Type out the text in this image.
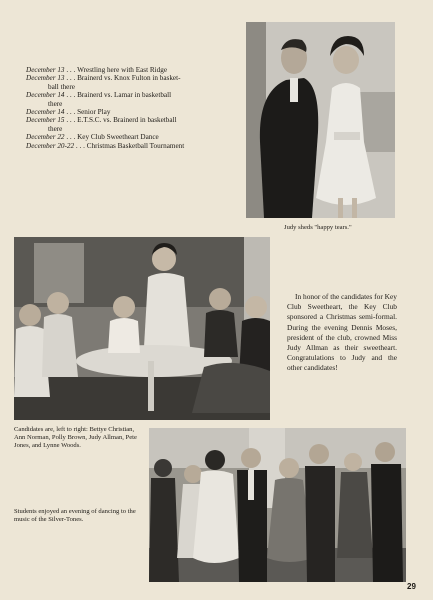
December 13 . . . Wrestling here with East Ridge
December 13 . . . Brainerd vs. Knox Fulton in basket-
ball there
December 14 . . . Brainerd vs. Lamar in basketball
there
December 14 . . . Senior Play
December 15 . . . E.T.S.C. vs. Brainerd in basketball
there
December 22 . . . Key Club Sweetheart Dance
December 20-22 . . . Christmas Basketball Tournament
Judy sheds "happy tears."
Candidates are, left to right: Bettye Christian, Ann Norman, Polly Brown, Judy Allman, Pete Jones, and Lynne Woods.
In honor of the candidates for Key Club Sweetheart, the Key Club sponsored a Christmas semi-formal. During the evening Dennis Moses, president of the club, crowned Miss Judy Allman as their sweetheart. Congratulations to Judy and the other candidates!
Students enjoyed an evening of dancing to the music of the Silver-Tones.
29
